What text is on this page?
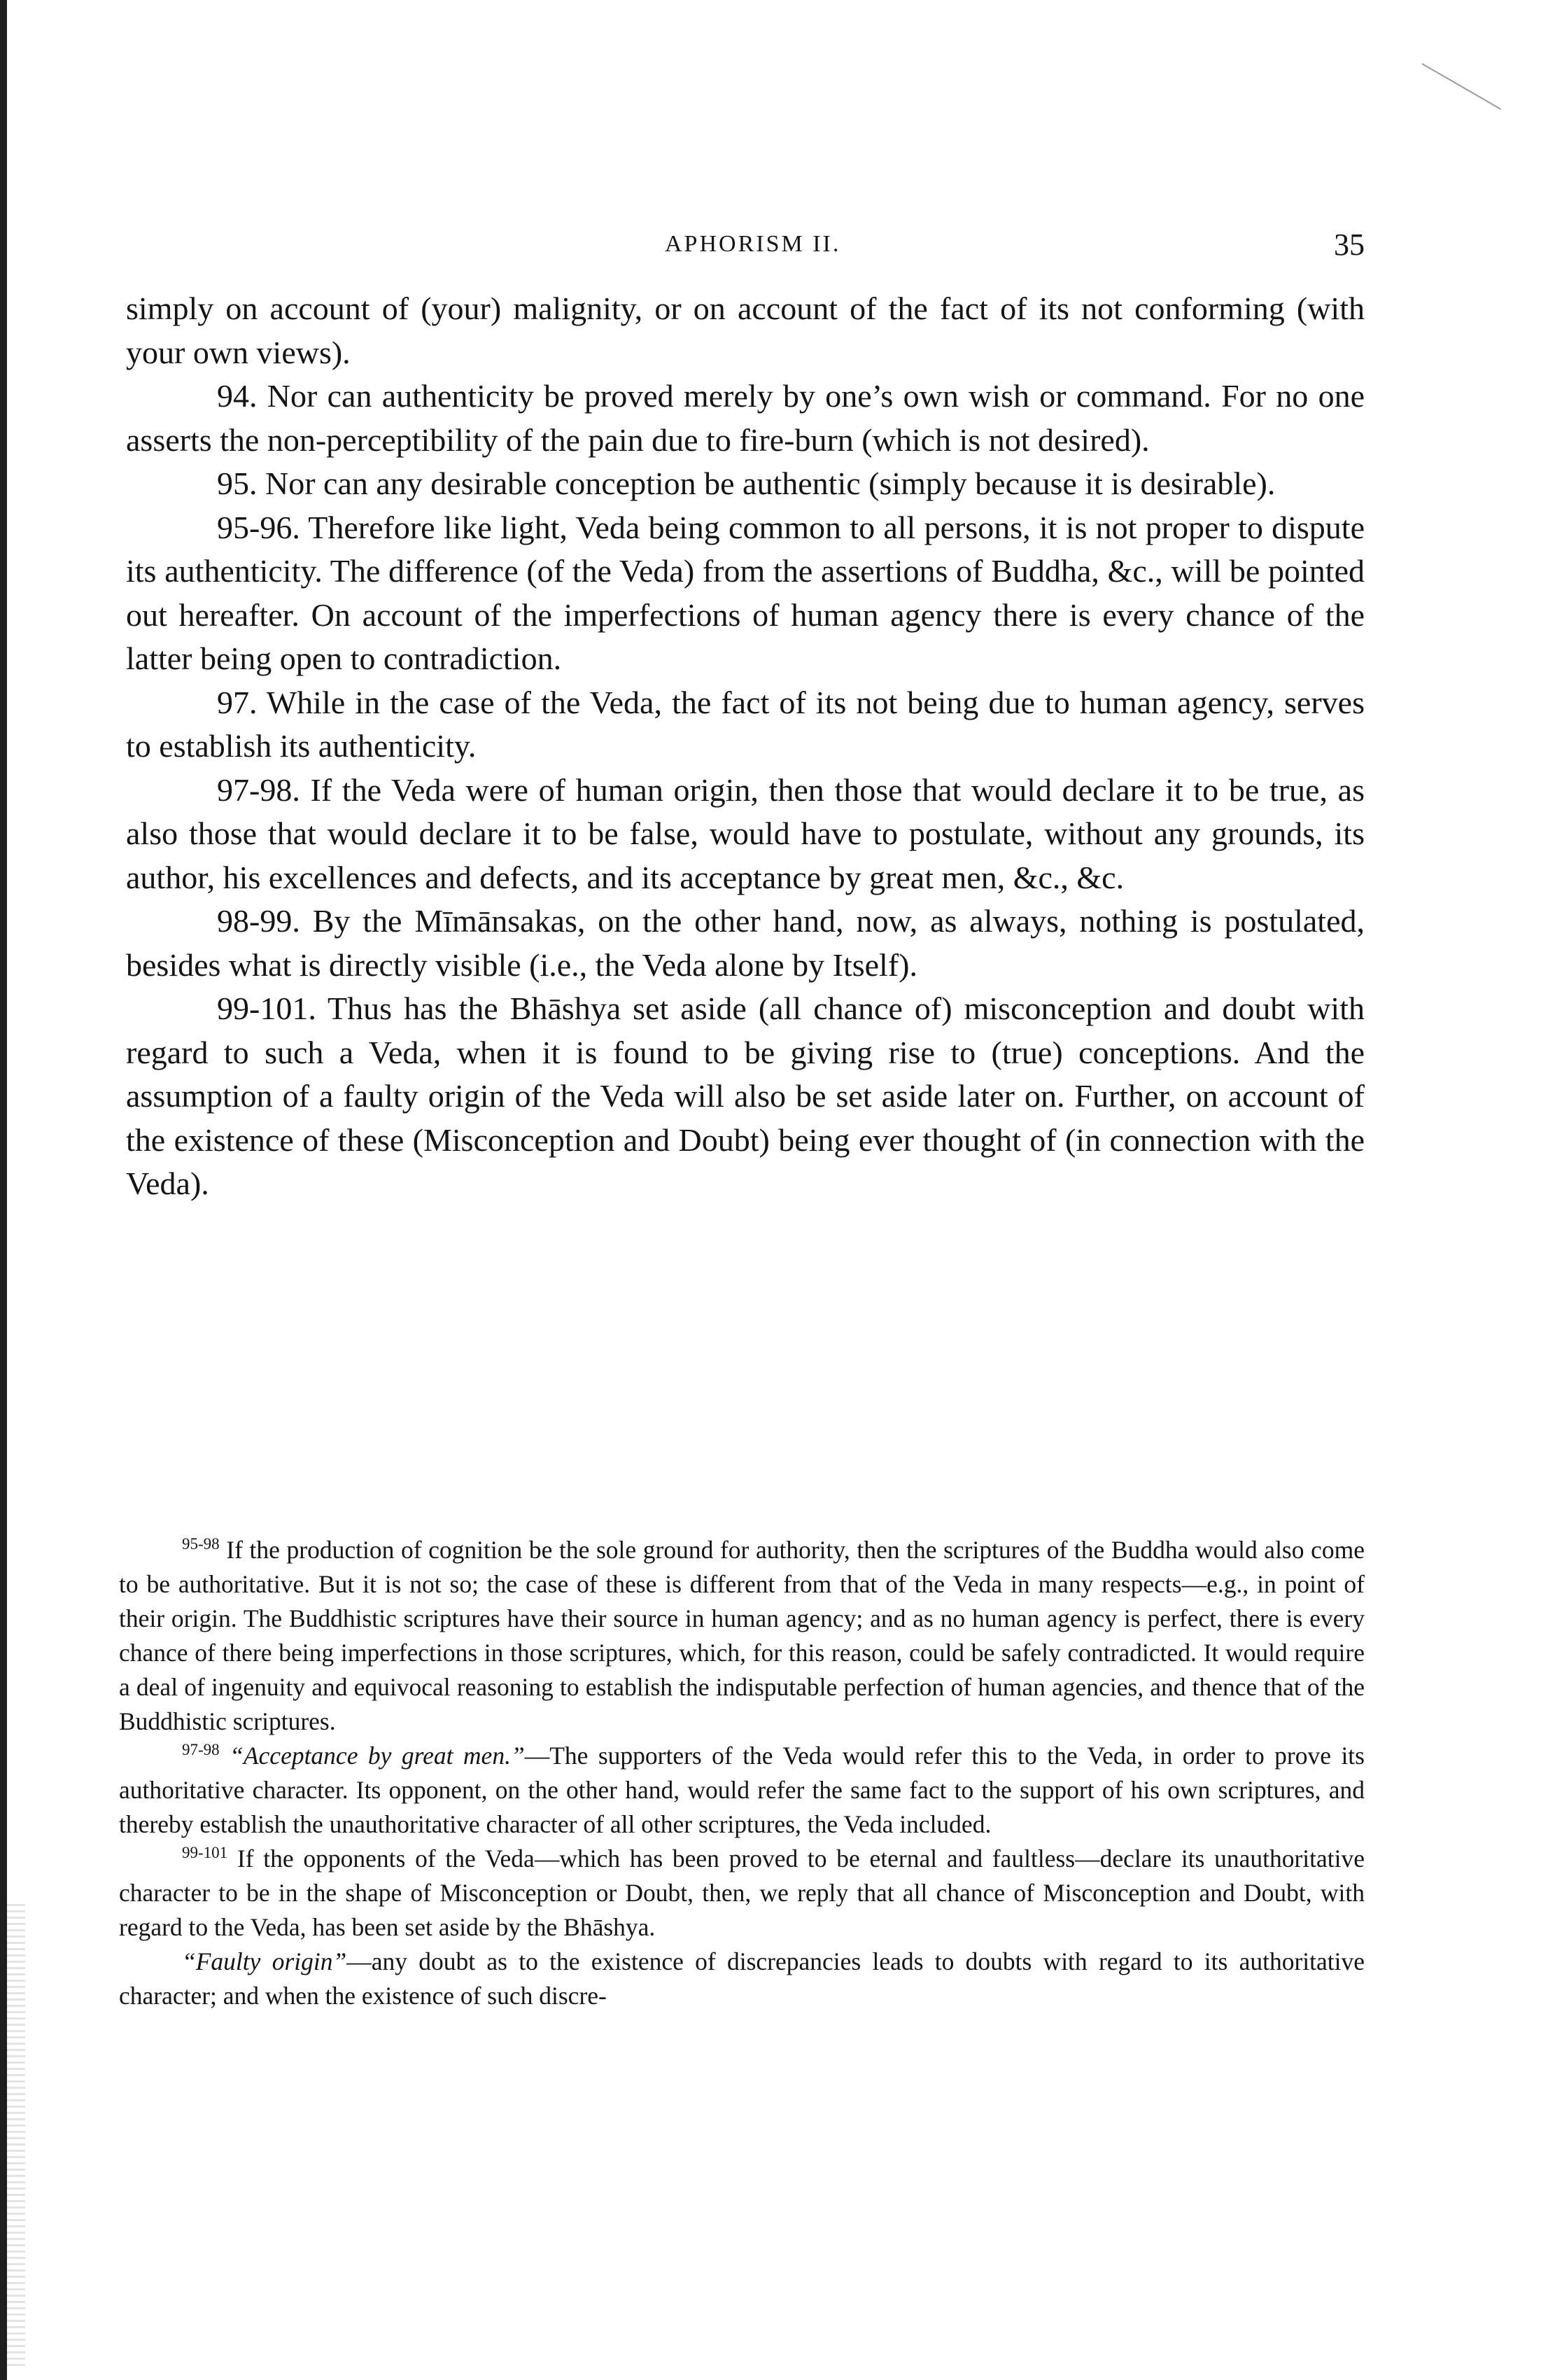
APHORISM II.	35

simply on account of (your) malignity, or on account of the fact of its not conforming (with your own views).

94. Nor can authenticity be proved merely by one’s own wish or command. For no one asserts the non-perceptibility of the pain due to fire-burn (which is not desired).

95. Nor can any desirable conception be authentic (simply because it is desirable).

95-96. Therefore like light, Veda being common to all persons, it is not proper to dispute its authenticity. The difference (of the Veda) from the assertions of Buddha, &c., will be pointed out hereafter. On account of the imperfections of human agency there is every chance of the latter being open to contradiction.

97. While in the case of the Veda, the fact of its not being due to human agency, serves to establish its authenticity.

97-98. If the Veda were of human origin, then those that would declare it to be true, as also those that would declare it to be false, would have to postulate, without any grounds, its author, his excellences and defects, and its acceptance by great men, &c., &c.

98-99. By the Mīmānsakas, on the other hand, now, as always, nothing is postulated, besides what is directly visible (i.e., the Veda alone by Itself).

99-101. Thus has the Bhāshya set aside (all chance of) misconception and doubt with regard to such a Veda, when it is found to be giving rise to (true) conceptions. And the assumption of a faulty origin of the Veda will also be set aside later on. Further, on account of the existence of these (Misconception and Doubt) being ever thought of (in connection with the Veda).

$^{95-98}$ If the production of cognition be the sole ground for authority, then the scriptures of the Buddha would also come to be authoritative. But it is not so; the case of these is different from that of the Veda in many respects—e.g., in point of their origin. The Buddhistic scriptures have their source in human agency; and as no human agency is perfect, there is every chance of there being imperfections in those scriptures, which, for this reason, could be safely contradicted. It would require a deal of ingenuity and equivocal reasoning to establish the indisputable perfection of human agencies, and thence that of the Buddhistic scriptures.

$^{97-98}$ “Acceptance by great men.”—The supporters of the Veda would refer this to the Veda, in order to prove its authoritative character. Its opponent, on the other hand, would refer the same fact to the support of his own scriptures, and thereby establish the unauthoritative character of all other scriptures, the Veda included.

$^{99-101}$ If the opponents of the Veda—which has been proved to be eternal and faultless—declare its unauthoritative character to be in the shape of Misconception or Doubt, then, we reply that all chance of Misconception and Doubt, with regard to the Veda, has been set aside by the Bhāshya.

“Faulty origin”—any doubt as to the existence of discrepancies leads to doubts with regard to its authoritative character; and when the existence of such discre-
